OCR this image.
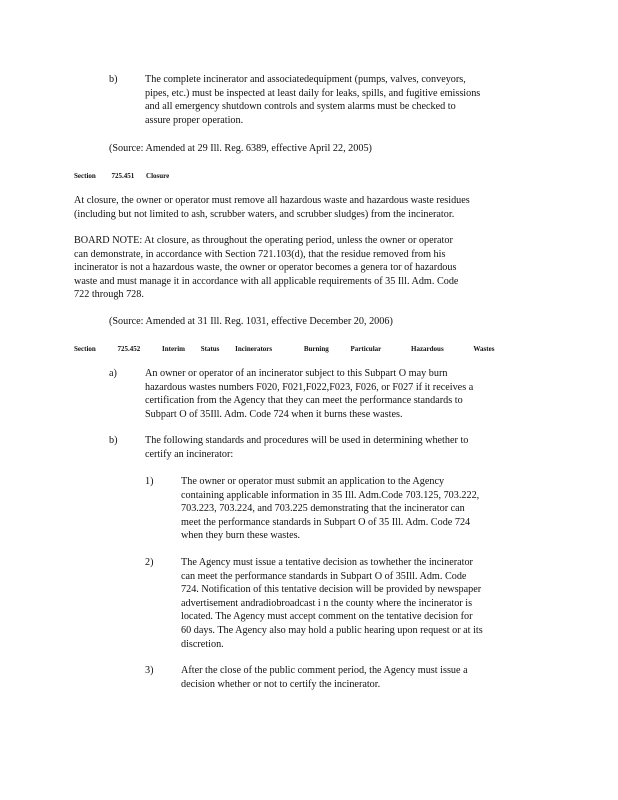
b)	The complete incinerator and associatedequipment (pumps, valves, conveyors,
pipes, etc.) must be inspected at least daily for leaks, spills, and fugitive emissions
and all emergency shutdown controls and system alarms must be checked to
assure proper operation.
(Source: Amended at 29 Ill. Reg. 6389, effective April 22, 2005)
Section 725.451 Closure
At closure, the owner or operator must remove all hazardous waste and hazardous waste residues
(including but not limited to ash, scrubber waters, and scrubber sludges) from the incinerator.
BOARD NOTE: At closure, as throughout the operating period, unless the owner or operator
can demonstrate, in accordance with Section 721.103(d), that the residue removed from his
incinerator is not a hazardous waste, the owner or operator becomes a genera tor of hazardous
waste and must manage it in accordance with all applicable requirements of 35 Ill. Adm. Code
722 through 728.
(Source: Amended at 31 Ill. Reg. 1031, effective December 20, 2006)
Section	725.452	Interim Status Incinerators	Burning	Particular	Hazardous	Wastes
a)	An owner or operator of an incinerator subject to this Subpart O may burn
hazardous wastes numbers F020, F021,F022,F023, F026, or F027 if it receives a
certification from the Agency that they can meet the performance standards to
Subpart O of 35Ill. Adm. Code 724 when it burns these wastes.
b)	The following standards and procedures will be used in determining whether to
certify an incinerator:
1)	The owner or operator must submit an application to the Agency
containing applicable information in 35 Ill. Adm.Code 703.125, 703.222,
703.223, 703.224, and 703.225 demonstrating that the incinerator can
meet the performance standards in Subpart O of 35 Ill. Adm. Code 724
when they burn these wastes.
2)	The Agency must issue a tentative decision as towhether the incinerator
can meet the performance standards in Subpart O of 35Ill. Adm. Code
724. Notification of this tentative decision will be provided by newspaper
advertisement andradiobroadcast i n the county where the incinerator is
located. The Agency must accept comment on the tentative decision for
60 days. The Agency also may hold a public hearing upon request or at its
discretion.
3)	After the close of the public comment period, the Agency must issue a
decision whether or not to certify the incinerator.
